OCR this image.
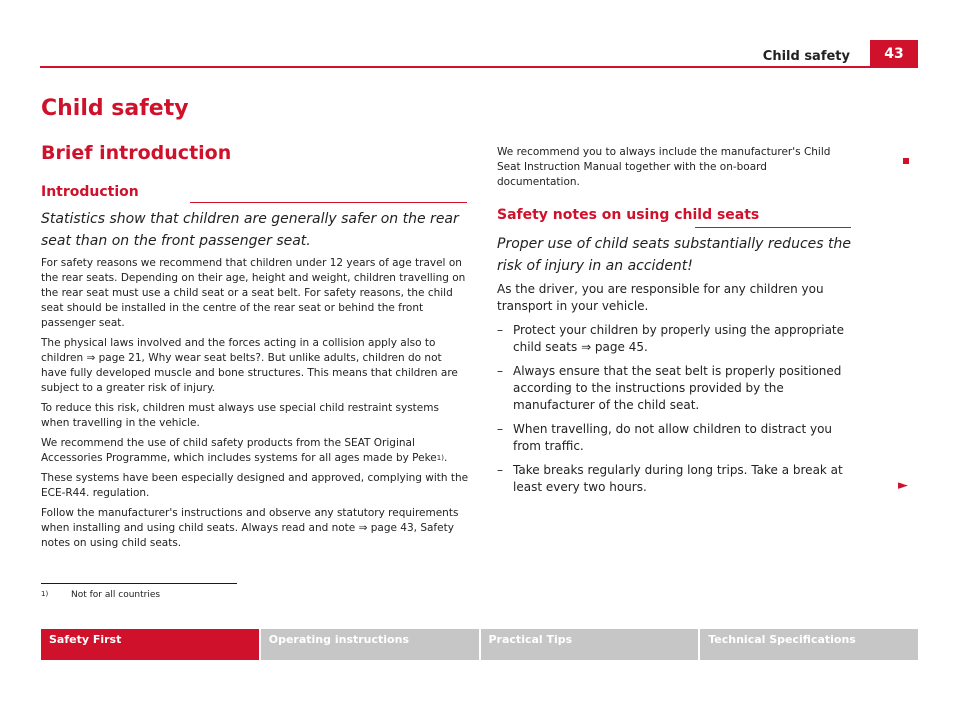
Child safety	43
Child safety
Brief introduction
Introduction
Statistics show that children are generally safer on the rear seat than on the front passenger seat.

For safety reasons we recommend that children under 12 years of age travel on the rear seats. Depending on their age, height and weight, children travelling on the rear seat must use a child seat or a seat belt. For safety reasons, the child seat should be installed in the centre of the rear seat or behind the front passenger seat.

The physical laws involved and the forces acting in a collision apply also to children ⇒ page 21, Why wear seat belts?. But unlike adults, children do not have fully developed muscle and bone structures. This means that children are subject to a greater risk of injury.

To reduce this risk, children must always use special child restraint systems when travelling in the vehicle.

We recommend the use of child safety products from the SEAT Original Accessories Programme, which includes systems for all ages made by Peke$^{1)}$.

These systems have been especially designed and approved, complying with the ECE-R44. regulation.

Follow the manufacturer's instructions and observe any statutory requirements when installing and using child seats. Always read and note ⇒ page 43, Safety notes on using child seats.

We recommend you to always include the manufacturer's Child Seat Instruction Manual together with the on-board documentation.
Safety notes on using child seats
Proper use of child seats substantially reduces the risk of injury in an accident!
As the driver, you are responsible for any children you transport in your vehicle.
– Protect your children by properly using the appropriate child seats ⇒ page 45.
– Always ensure that the seat belt is properly positioned according to the instructions provided by the manufacturer of the child seat.
– When travelling, do not allow children to distract you from traffic.
– Take breaks regularly during long trips. Take a break at least every two hours.	►
1)	Not for all countries
Safety First	Operating instructions	Practical Tips	Technical Specifications
